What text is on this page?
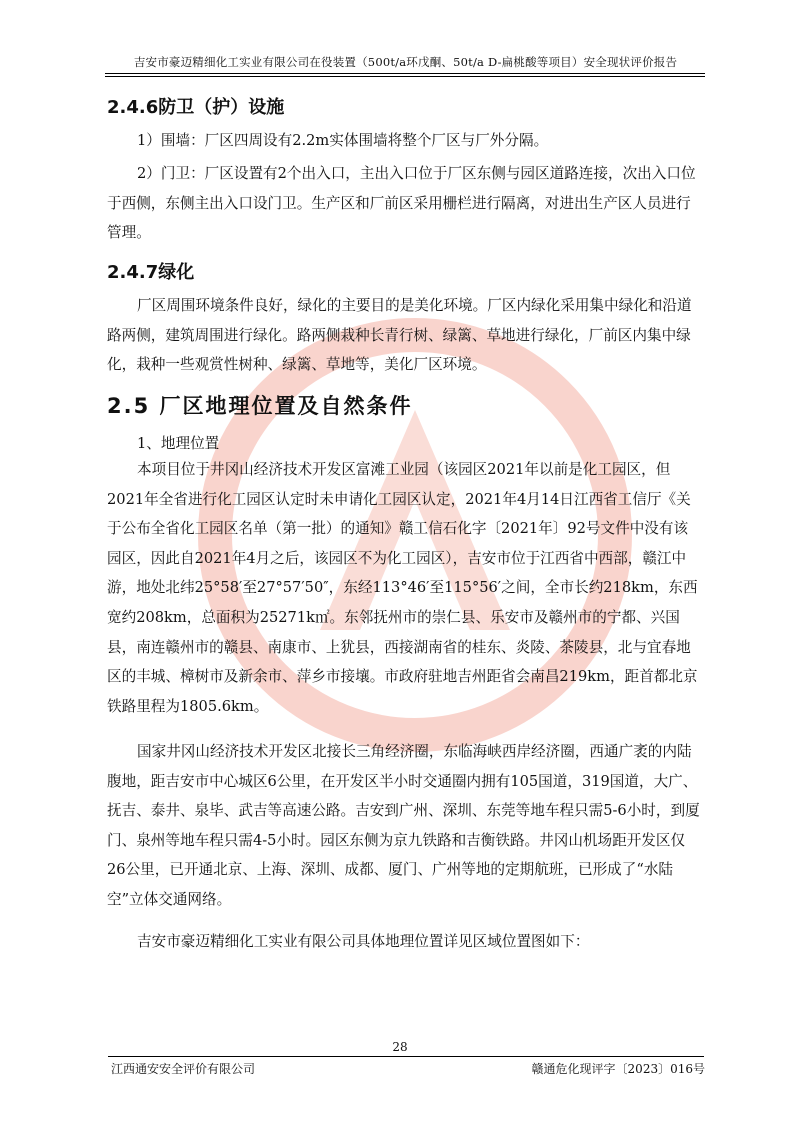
吉安市豪迈精细化工实业有限公司在役装置（500t/a环戊酮、50t/a D-扁桃酸等项目）安全现状评价报告
2.4.6防卫（护）设施

1）围墙：厂区四周设有2.2m实体围墙将整个厂区与厂外分隔。

2）门卫：厂区设置有2个出入口，主出入口位于厂区东侧与园区道路连接，次出入口位于西侧，东侧主出入口设门卫。生产区和厂前区采用栅栏进行隔离，对进出生产区人员进行管理。

2.4.7绿化

厂区周围环境条件良好，绿化的主要目的是美化环境。厂区内绿化采用集中绿化和沿道路两侧，建筑周围进行绿化。路两侧栽种长青行树、绿篱、草地进行绿化，厂前区内集中绿化，栽种一些观赏性树种、绿篱、草地等，美化厂区环境。

2.5 厂区地理位置及自然条件
1、地理位置

本项目位于井冈山经济技术开发区富滩工业园（该园区2021年以前是化工园区，但2021年全省进行化工园区认定时未申请化工园区认定，2021年4月14日江西省工信厅《关于公布全省化工园区名单（第一批）的通知》赣工信石化字〔2021年〕92号文件中没有该园区，因此自2021年4月之后，该园区不为化工园区），吉安市位于江西省中西部，赣江中游，地处北纬25°58′至27°57′50″，东经113°46′至115°56′之间，全市长约218km，东西宽约208km，总面积为25271k㎡。东邻抚州市的崇仁县、乐安市及赣州市的宁都、兴国县，南连赣州市的赣县、南康市、上犹县，西接湖南省的桂东、炎陵、茶陵县，北与宜春地区的丰城、樟树市及新余市、萍乡市接壤。市政府驻地吉州距省会南昌219km，距首都北京铁路里程为1805.6km。

国家井冈山经济技术开发区北接长三角经济圈，东临海峡西岸经济圈，西通广袤的内陆腹地，距吉安市中心城区6公里，在开发区半小时交通圈内拥有105国道，319国道，大广、抚吉、泰井、泉毕、武吉等高速公路。吉安到广州、深圳、东莞等地车程只需5-6小时，到厦门、泉州等地车程只需4-5小时。园区东侧为京九铁路和吉衡铁路。井冈山机场距开发区仅26公里，已开通北京、上海、深圳、成都、厦门、广州等地的定期航班，已形成了“水陆空”立体交通网络。

吉安市豪迈精细化工实业有限公司具体地理位置详见区域位置图如下：

28
江西通安安全评价有限公司	赣通危化现评字〔2023〕016号
